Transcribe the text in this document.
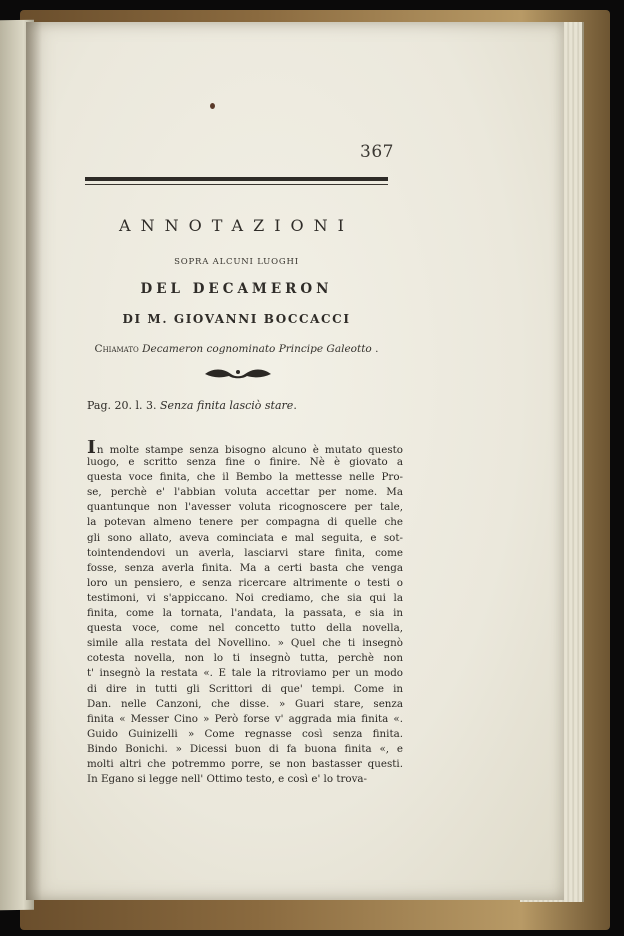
367
ANNOTAZIONI
SOPRA ALCUNI LUOGHI
DEL DECAMERON
DI M. GIOVANNI BOCCACCI
Chiamato Decameron cognominato Principe Galeotto .
Pag. 20. l. 3. Senza finita lasciò stare.
In molte stampe senza bisogno alcuno è mutato questo
luogo, e scritto senza fine o finire. Nè è giovato a
questa voce finita, che il Bembo la mettesse nelle Pro-
se, perchè e' l'abbian voluta accettar per nome. Ma
quantunque non l'avesser voluta ricognoscere per tale,
la potevan almeno tenere per compagna di quelle che
gli sono allato, aveva cominciata e mal seguita, e sot-
tointendendovi un averla, lasciarvi stare finita, come
fosse, senza averla finita. Ma a certi basta che venga
loro un pensiero, e senza ricercare altrimente o testi o
testimoni, vi s'appiccano. Noi crediamo, che sia qui la
finita, come la tornata, l'andata, la passata, e sia in
questa voce, come nel concetto tutto della novella,
simile alla restata del Novellino. » Quel che ti insegnò
cotesta novella, non lo ti insegnò tutta, perchè non
t' insegnò la restata «. E tale la ritroviamo per un modo
di dire in tutti gli Scrittori di que' tempi. Come in
Dan. nelle Canzoni, che disse. » Guari stare, senza
finita « Messer Cino » Però forse v' aggrada mia finita «.
Guido Guinizelli » Come regnasse così senza finita.
Bindo Bonichi. » Dicessi buon di fa buona finita «, e
molti altri che potremmo porre, se non bastasser questi.
In Egano si legge nell' Ottimo testo, e così e' lo trova-
